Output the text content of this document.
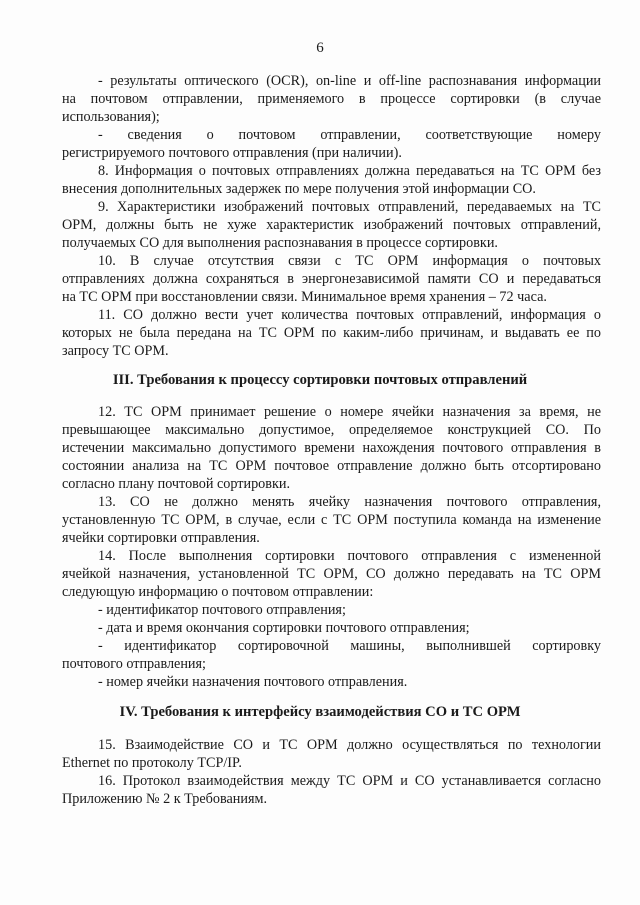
6
- результаты оптического (OCR), on-line и off-line распознавания информации
на почтовом отправлении, применяемого в процессе сортировки (в случае
использования);
- сведения о почтовом отправлении, соответствующие номеру
регистрируемого почтового отправления (при наличии).
8. Информация о почтовых отправлениях должна передаваться на ТС ОРМ без
внесения дополнительных задержек по мере получения этой информации СО.
9. Характеристики изображений почтовых отправлений, передаваемых на ТС
ОРМ, должны быть не хуже характеристик изображений почтовых отправлений,
получаемых СО для выполнения распознавания в процессе сортировки.
10. В случае отсутствия связи с ТС ОРМ информация о почтовых
отправлениях должна сохраняться в энергонезависимой памяти СО и передаваться
на ТС ОРМ при восстановлении связи. Минимальное время хранения – 72 часа.
11. СО должно вести учет количества почтовых отправлений, информация о
которых не была передана на ТС ОРМ по каким-либо причинам, и выдавать ее по
запросу ТС ОРМ.
III. Требования к процессу сортировки почтовых отправлений
12. ТС ОРМ принимает решение о номере ячейки назначения за время, не
превышающее максимально допустимое, определяемое конструкцией СО. По
истечении максимально допустимого времени нахождения почтового отправления в
состоянии анализа на ТС ОРМ почтовое отправление должно быть отсортировано
согласно плану почтовой сортировки.
13. СО не должно менять ячейку назначения почтового отправления,
установленную ТС ОРМ, в случае, если с ТС ОРМ поступила команда на изменение
ячейки сортировки отправления.
14. После выполнения сортировки почтового отправления с измененной
ячейкой назначения, установленной ТС ОРМ, СО должно передавать на ТС ОРМ
следующую информацию о почтовом отправлении:
- идентификатор почтового отправления;
- дата и время окончания сортировки почтового отправления;
- идентификатор сортировочной машины, выполнившей сортировку
почтового отправления;
- номер ячейки назначения почтового отправления.
IV. Требования к интерфейсу взаимодействия СО и ТС ОРМ
15. Взаимодействие СО и ТС ОРМ должно осуществляться по технологии
Ethernet по протоколу TCP/IP.
16. Протокол взаимодействия между ТС ОРМ и СО устанавливается согласно
Приложению № 2 к Требованиям.
